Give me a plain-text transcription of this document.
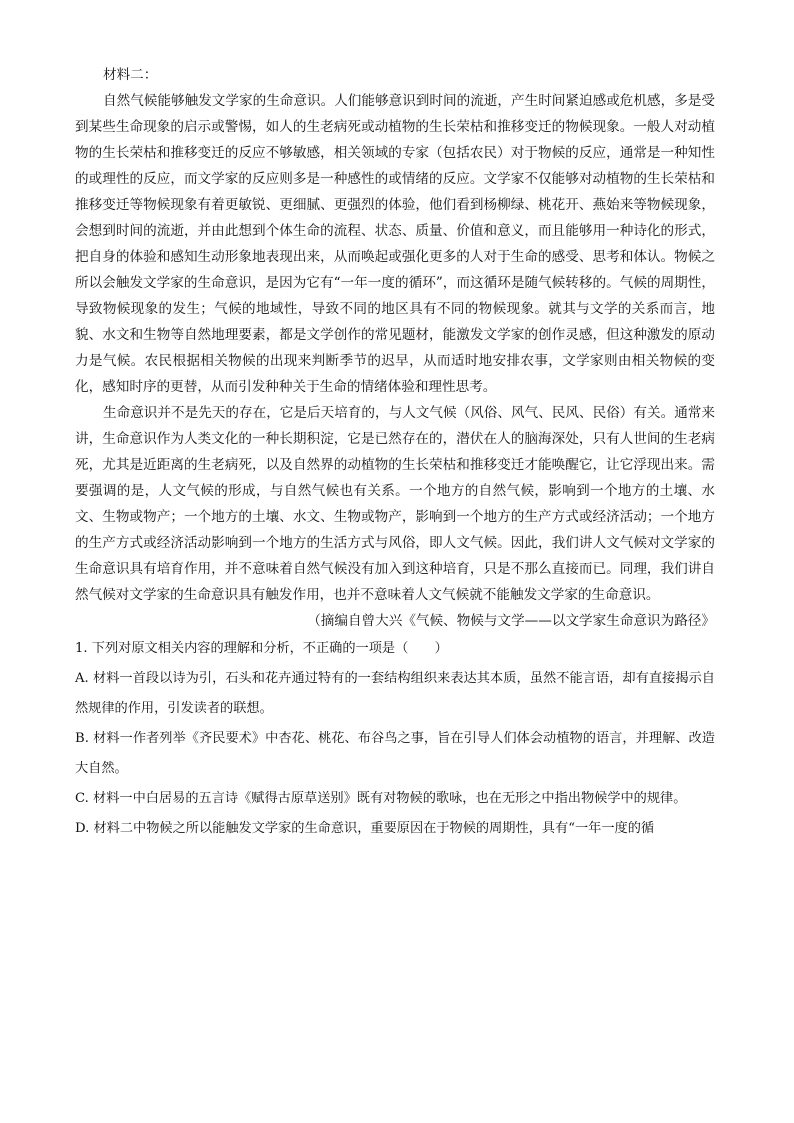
材料二：

自然气候能够触发文学家的生命意识。人们能够意识到时间的流逝，产生时间紧迫感或危机感，多是受到某些生命现象的启示或警惕，如人的生老病死或动植物的生长荣枯和推移变迁的物候现象。一般人对动植物的生长荣枯和推移变迁的反应不够敏感，相关领域的专家（包括农民）对于物候的反应，通常是一种知性的或理性的反应，而文学家的反应则多是一种感性的或情绪的反应。文学家不仅能够对动植物的生长荣枯和推移变迁等物候现象有着更敏锐、更细腻、更强烈的体验，他们看到杨柳绿、桃花开、燕始来等物候现象，会想到时间的流逝，并由此想到个体生命的流程、状态、质量、价值和意义，而且能够用一种诗化的形式，把自身的体验和感知生动形象地表现出来，从而唤起或强化更多的人对于生命的感受、思考和体认。物候之所以会触发文学家的生命意识，是因为它有“一年一度的循环”，而这循环是随气候转移的。气候的周期性，导致物候现象的发生；气候的地域性，导致不同的地区具有不同的物候现象。就其与文学的关系而言，地貌、水文和生物等自然地理要素，都是文学创作的常见题材，能激发文学家的创作灵感，但这种激发的原动力是气候。农民根据相关物候的出现来判断季节的迟早，从而适时地安排农事，文学家则由相关物候的变化，感知时序的更替，从而引发种种关于生命的情绪体验和理性思考。

生命意识并不是先天的存在，它是后天培育的，与人文气候（风俗、风气、民风、民俗）有关。通常来讲，生命意识作为人类文化的一种长期积淀，它是已然存在的，潜伏在人的脑海深处，只有人世间的生老病死，尤其是近距离的生老病死，以及自然界的动植物的生长荣枯和推移变迁才能唤醒它，让它浮现出来。需要强调的是，人文气候的形成，与自然气候也有关系。一个地方的自然气候，影响到一个地方的土壤、水文、生物或物产；一个地方的土壤、水文、生物或物产，影响到一个地方的生产方式或经济活动；一个地方的生产方式或经济活动影响到一个地方的生活方式与风俗，即人文气候。因此，我们讲人文气候对文学家的生命意识具有培育作用，并不意味着自然气候没有加入到这种培育，只是不那么直接而已。同理，我们讲自然气候对文学家的生命意识具有触发作用，也并不意味着人文气候就不能触发文学家的生命意识。

（摘编自曾大兴《气候、物候与文学——以文学家生命意识为路径》

1. 下列对原文相关内容的理解和分析，不正确的一项是（　　）

A. 材料一首段以诗为引，石头和花卉通过特有的一套结构组织来表达其本质，虽然不能言语，却有直接揭示自然规律的作用，引发读者的联想。

B. 材料一作者列举《齐民要术》中杏花、桃花、布谷鸟之事，旨在引导人们体会动植物的语言，并理解、改造大自然。

C. 材料一中白居易的五言诗《赋得古原草送别》既有对物候的歌咏，也在无形之中指出物候学中的规律。

D. 材料二中物候之所以能触发文学家的生命意识，重要原因在于物候的周期性，具有“一年一度的循
